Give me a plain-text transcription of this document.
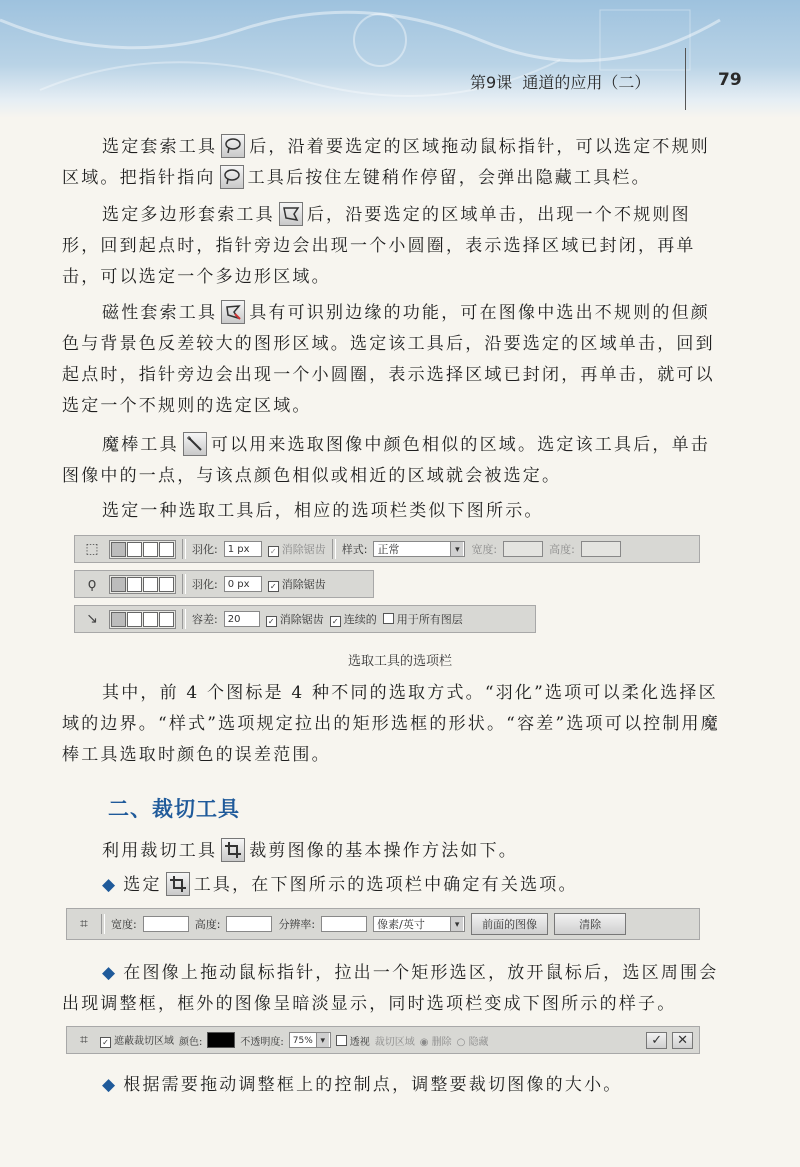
第9课 通道的应用（二）	79

选定套索工具 后，沿着要选定的区域拖动鼠标指针，可以选定不规则区域。把指针指向 工具后按住左键稍作停留，会弹出隐藏工具栏。

选定多边形套索工具 后，沿要选定的区域单击，出现一个不规则图形，回到起点时，指针旁边会出现一个小圆圈，表示选择区域已封闭，再单击，可以选定一个多边形区域。

磁性套索工具 具有可识别边缘的功能，可在图像中选出不规则的但颜色与背景色反差较大的图形区域。选定该工具后，沿要选定的区域单击，回到起点时，指针旁边会出现一个小圆圈，表示选择区域已封闭，再单击，就可以选定一个不规则的选定区域。

魔棒工具 可以用来选取图像中颜色相似的区域。选定该工具后，单击图像中的一点，与该点颜色相似或相近的区域就会被选定。

选定一种选取工具后，相应的选项栏类似下图所示。

⬚	羽化:	1 px	✓ 消除锯齿 样式: 正常 ▾	宽度:	高度:
ϙ	羽化:	0 px	✓ 消除锯齿
↘	容差:	20	✓ 消除锯齿 ✓ 连续的	用于所有图层
选取工具的选项栏

其中，前 4 个图标是 4 种不同的选取方式。“羽化”选项可以柔化选择区域的边界。“样式”选项规定拉出的矩形选框的形状。“容差”选项可以控制用魔棒工具选取时颜色的误差范围。

二、裁切工具

利用裁切工具 裁剪图像的基本操作方法如下。

◆ 选定 工具，在下图所示的选项栏中确定有关选项。

⌗	宽度:	高度:	分辨率:	像素/英寸 ▾	前面的图像	清除

◆ 在图像上拖动鼠标指针，拉出一个矩形选区，放开鼠标后，选区周围会出现调整框，框外的图像呈暗淡显示，同时选项栏变成下图所示的样子。

⌗	✓ 遮蔽裁切区域 颜色:	不透明度:	75% ▾	透视 裁切区域 ◉ 删除 ○ 隐藏	✓	✕

◆ 根据需要拖动调整框上的控制点，调整要裁切图像的大小。
